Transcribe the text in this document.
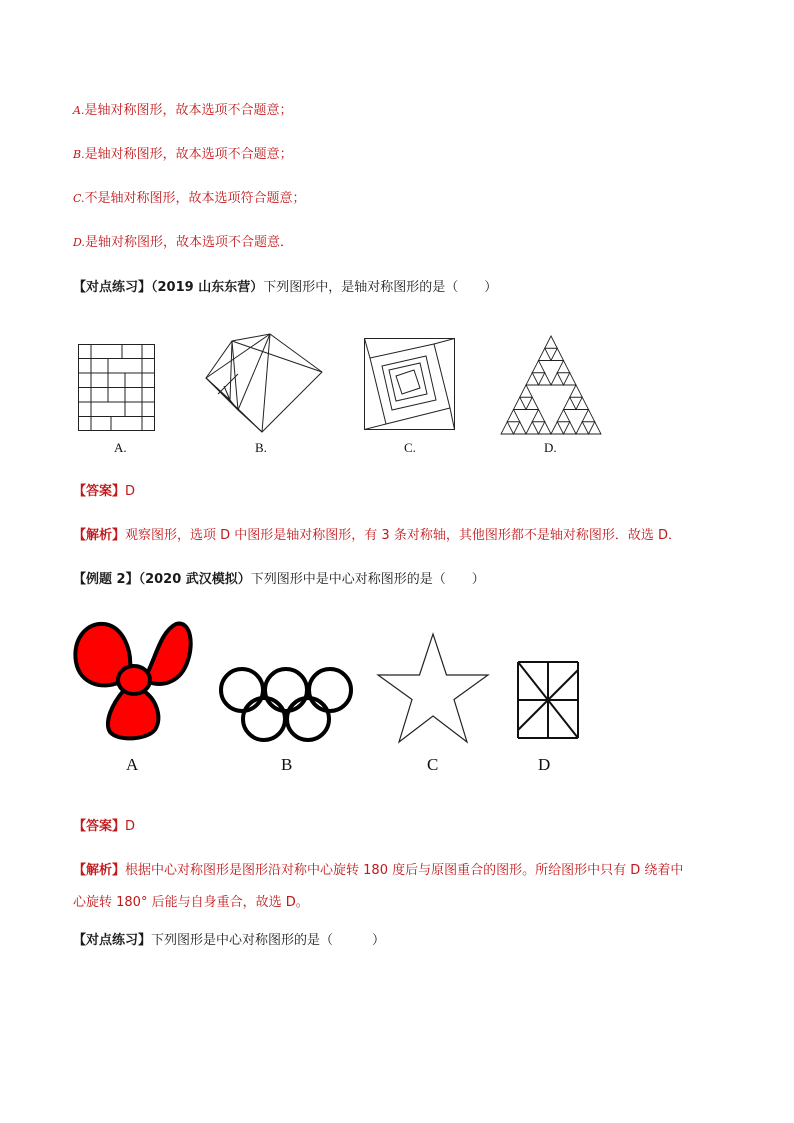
A.是轴对称图形，故本选项不合题意；
B.是轴对称图形，故本选项不合题意；
C.不是轴对称图形，故本选项符合题意；
D.是轴对称图形，故本选项不合题意．
【对点练习】（2019 山东东营）下列图形中，是轴对称图形的是（　　）
A.	B.	C.	D.
【答案】D
【解析】观察图形，选项 D 中图形是轴对称图形，有 3 条对称轴，其他图形都不是轴对称图形．故选 D．
【例题 2】（2020 武汉模拟）下列图形中是中心对称图形的是（　　）
A	B	C	D
【答案】D
【解析】根据中心对称图形是图形沿对称中心旋转 180 度后与原图重合的图形。所给图形中只有 D 绕着中
心旋转 180° 后能与自身重合，故选 D。
【对点练习】下列图形是中心对称图形的是（　　　）
